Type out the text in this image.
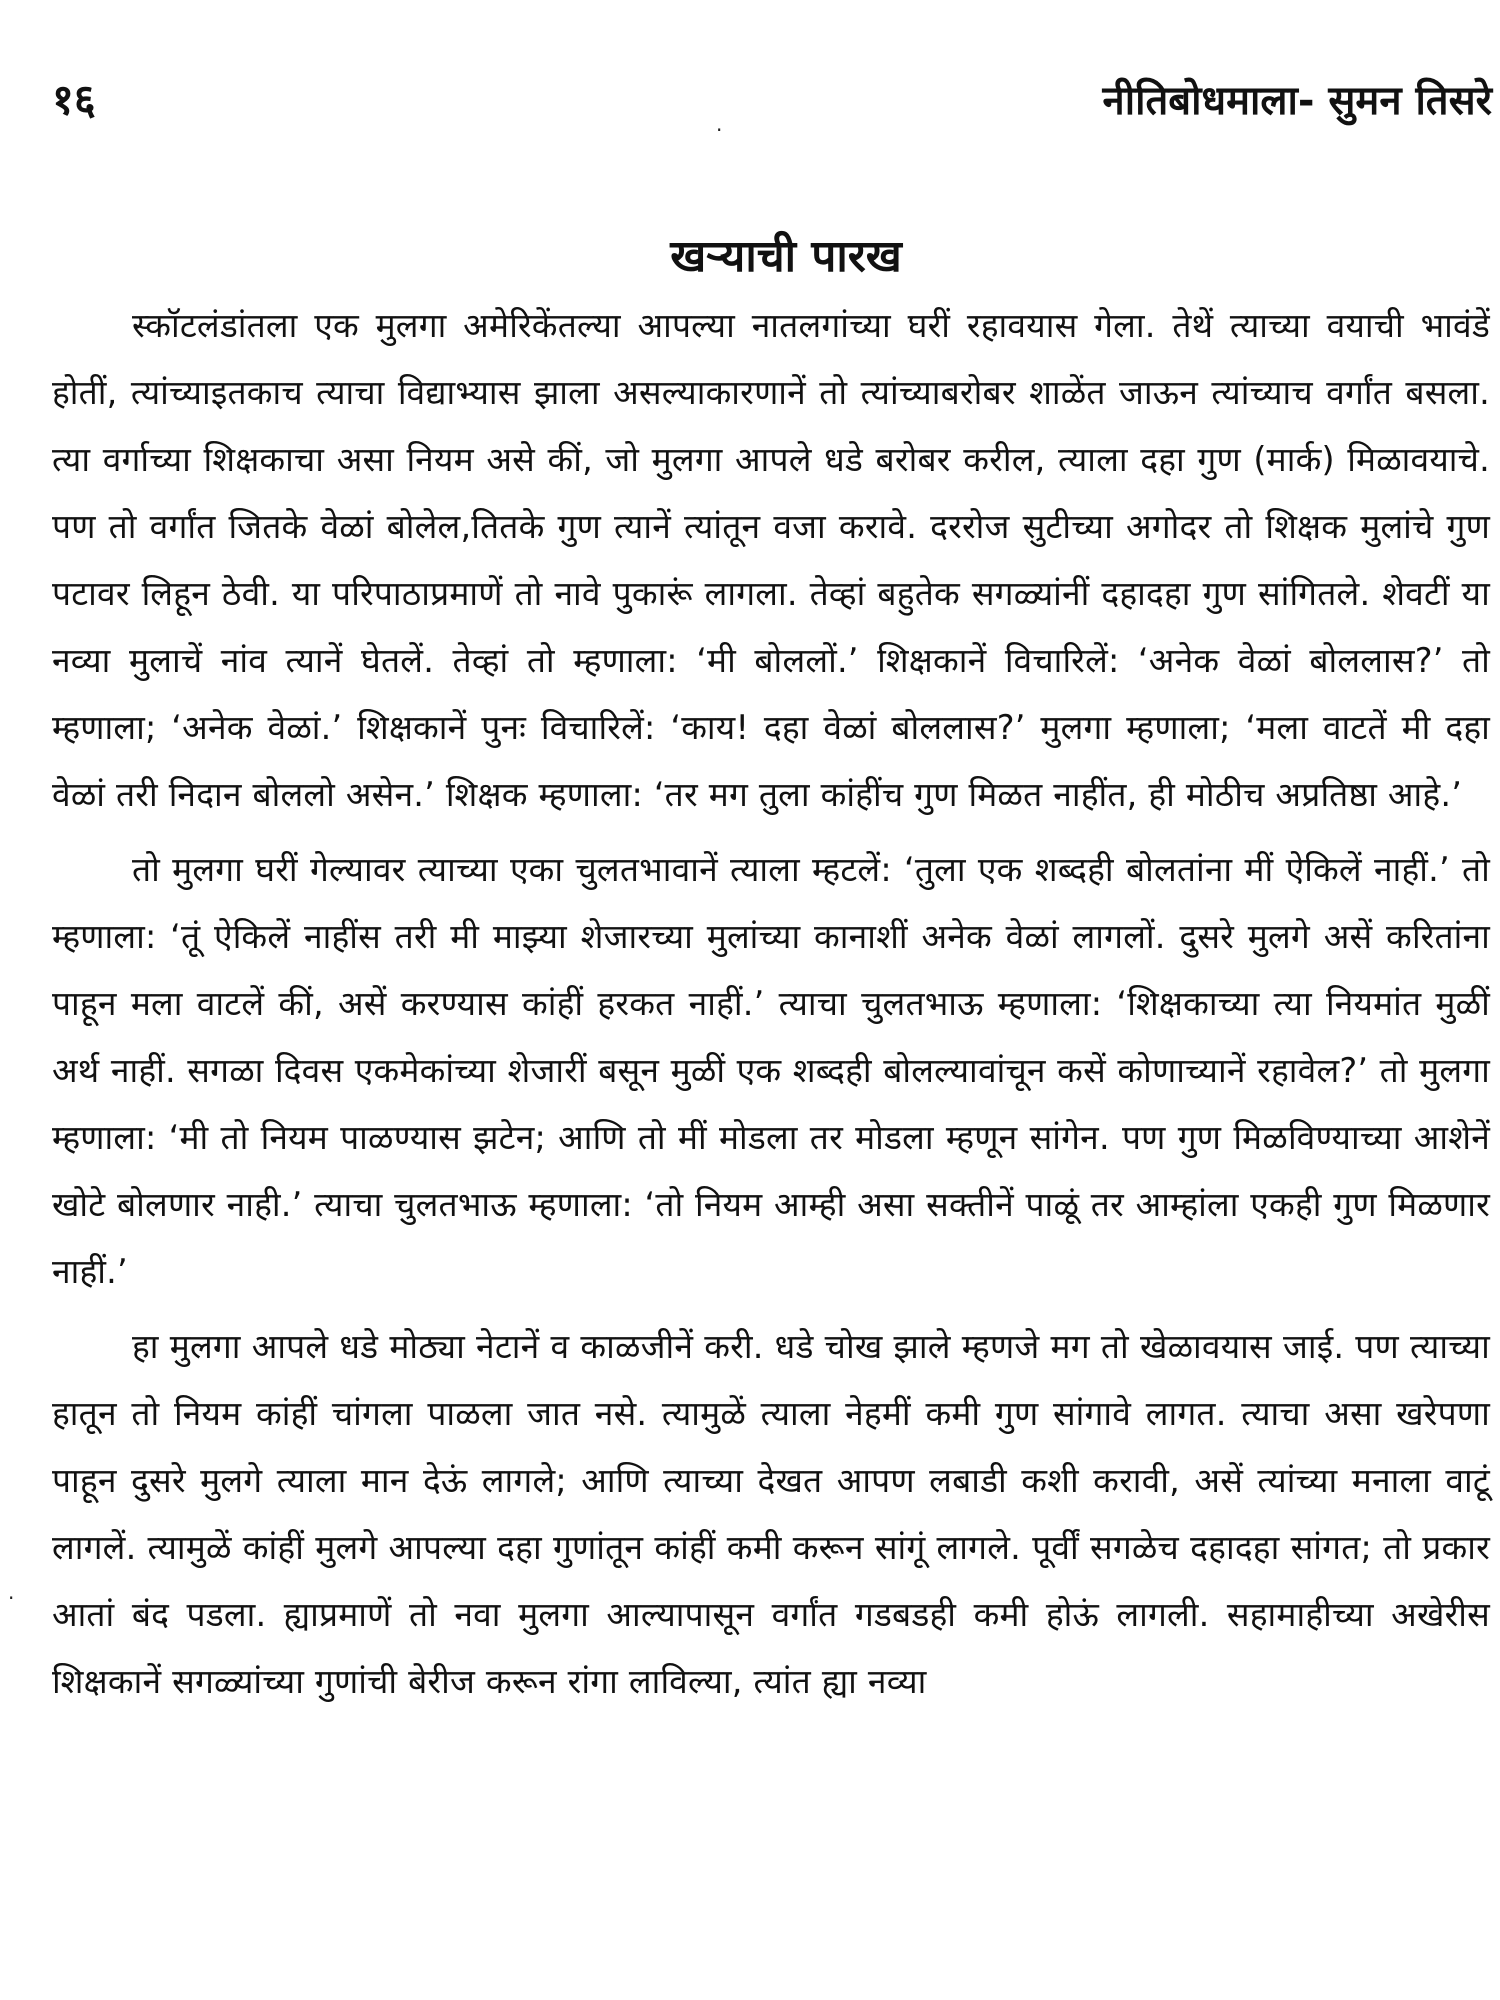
१६	नीतिबोधमाला- सुमन तिसरे
खऱ्याची पारख

स्कॉटलंडांतला एक मुलगा अमेरिकेंतल्या आपल्या नातलगांच्या घरीं रहावयास गेला. तेथें त्याच्या वयाची भावंडें होतीं, त्यांच्याइतकाच त्याचा विद्याभ्यास झाला असल्याकारणानें तो त्यांच्याबरोबर शाळेंत जाऊन त्यांच्याच वर्गांत बसला. त्या वर्गाच्या शिक्षकाचा असा नियम असे कीं, जो मुलगा आपले धडे बरोबर करील, त्याला दहा गुण (मार्क) मिळावयाचे. पण तो वर्गांत जितके वेळां बोलेल,तितके गुण त्यानें त्यांतून वजा करावे. दररोज सुटीच्या अगोदर तो शिक्षक मुलांचे गुण पटावर लिहून ठेवी. या परिपाठाप्रमाणें तो नावे पुकारूं लागला. तेव्हां बहुतेक सगळ्यांनीं दहादहा गुण सांगितले. शेवटीं या नव्या मुलाचें नांव त्यानें घेतलें. तेव्हां तो म्हणाला: ‘मी बोललों.’ शिक्षकानें विचारिलें: ‘अनेक वेळां बोललास?’ तो म्हणाला; ‘अनेक वेळां.’ शिक्षकानें पुनः विचारिलें: ‘काय! दहा वेळां बोललास?’ मुलगा म्हणाला; ‘मला वाटतें मी दहा वेळां तरी निदान बोललो असेन.’ शिक्षक म्हणाला: ‘तर मग तुला कांहींच गुण मिळत नाहींत, ही मोठीच अप्रतिष्ठा आहे.’

तो मुलगा घरीं गेल्यावर त्याच्या एका चुलतभावानें त्याला म्हटलें: ‘तुला एक शब्दही बोलतांना मीं ऐकिलें नाहीं.’ तो म्हणाला: ‘तूं ऐकिलें नाहींस तरी मी माझ्या शेजारच्या मुलांच्या कानाशीं अनेक वेळां लागलों. दुसरे मुलगे असें करितांना पाहून मला वाटलें कीं, असें करण्यास कांहीं हरकत नाहीं.’ त्याचा चुलतभाऊ म्हणाला: ‘शिक्षकाच्या त्या नियमांत मुळीं अर्थ नाहीं. सगळा दिवस एकमेकांच्या शेजारीं बसून मुळीं एक शब्दही बोलल्यावांचून कसें कोणाच्यानें रहावेल?’ तो मुलगा म्हणाला: ‘मी तो नियम पाळण्यास झटेन; आणि तो मीं मोडला तर मोडला म्हणून सांगेन. पण गुण मिळविण्याच्या आशेनें खोटे बोलणार नाही.’ त्याचा चुलतभाऊ म्हणाला: ‘तो नियम आम्ही असा सक्तीनें पाळूं तर आम्हांला एकही गुण मिळणार नाहीं.’

हा मुलगा आपले धडे मोठ्या नेटानें व काळजीनें करी. धडे चोख झाले म्हणजे मग तो खेळावयास जाई. पण त्याच्या हातून तो नियम कांहीं चांगला पाळला जात नसे. त्यामुळें त्याला नेहमीं कमी गुण सांगावे लागत. त्याचा असा खरेपणा पाहून दुसरे मुलगे त्याला मान देऊं लागले; आणि त्याच्या देखत आपण लबाडी कशी करावी, असें त्यांच्या मनाला वाटूं लागलें. त्यामुळें कांहीं मुलगे आपल्या दहा गुणांतून कांहीं कमी करून सांगूं लागले. पूर्वीं सगळेच दहादहा सांगत; तो प्रकार आतां बंद पडला. ह्याप्रमाणें तो नवा मुलगा आल्यापासून वर्गांत गडबडही कमी होऊं लागली. सहामाहीच्या अखेरीस शिक्षकानें सगळ्यांच्या गुणांची बेरीज करून रांगा लाविल्या, त्यांत ह्या नव्या

·
·
